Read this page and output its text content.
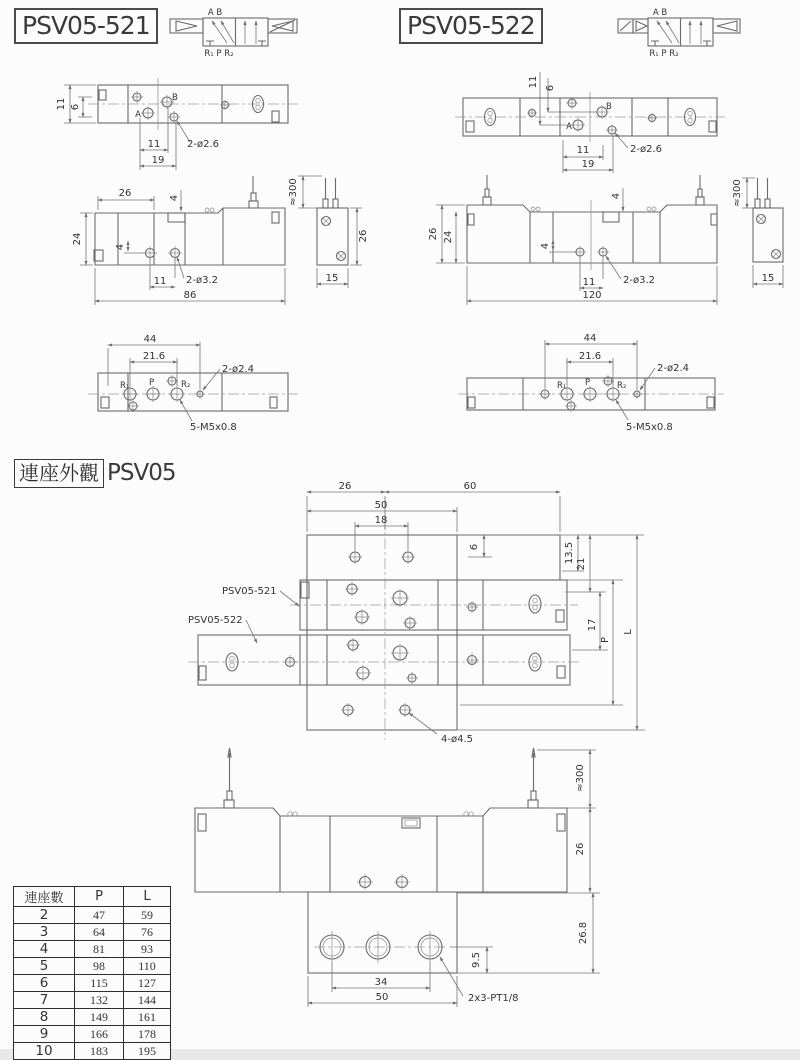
PSV05-521	PSV05-522
連座外觀 PSV05
連座數	P	L
2	47	59
3	64	76
4	81	93
5	98	110
6	115	127
7	132	144
8	149	161
9	166	178
10	183	195
A B
R₁ P R₂
A B
R₁ P R₂
A
B
11 6
11
19
2-ø2.6
26	4
24
4
11 2-ø3.2
86
≈300
26
15
R₁ P	R₂
44
21.6
2-ø2.4
5-M5x0.8
A
B
11 6
11
19
2-ø2.6
26 24
4
4
11	2-ø3.2
120
≈300
15
R₁ P	R₂
44
21.6
2-ø2.4
5-M5x0.8
26	60
50
18
6	13.5 21
17
P
L
PSV05-521
PSV05-522
4-ø4.5
≈300
26
9.5
26.8
34
50	2x3-PT1/8
